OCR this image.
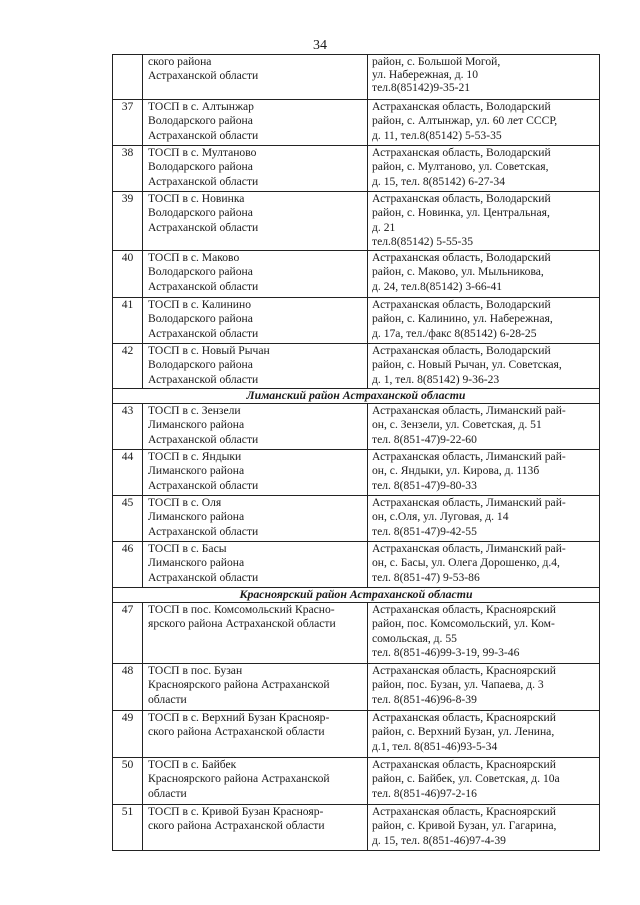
34

	ского района
Астраханской области	район, с. Большой Могой,
ул. Набережная, д. 10
тел.8(85142)9-35-21

37	ТОСП в с. Алтынжар
Володарского района
Астраханской области	Астраханская область, Володарский
район, с. Алтынжар, ул. 60 лет СССР,
д. 11, тел.8(85142) 5-53-35

38	ТОСП в с. Мултаново
Володарского района
Астраханской области	Астраханская область, Володарский
район, с. Мултаново, ул. Советская,
д. 15, тел. 8(85142) 6-27-34

39	ТОСП в с. Новинка
Володарского района
Астраханской области	Астраханская область, Володарский
район, с. Новинка, ул. Центральная,
д. 21
тел.8(85142) 5-55-35

40	ТОСП в с. Маково
Володарского района
Астраханской области	Астраханская область, Володарский
район, с. Маково, ул. Мыльникова,
д. 24, тел.8(85142) 3-66-41

41	ТОСП в с. Калинино
Володарского района
Астраханской области	Астраханская область, Володарский
район, с. Калинино, ул. Набережная,
д. 17а, тел./факс 8(85142) 6-28-25

42	ТОСП в с. Новый Рычан
Володарского района
Астраханской области	Астраханская область, Володарский
район, с. Новый Рычан, ул. Советская,
д. 1, тел. 8(85142) 9-36-23

Лиманский район Астраханской области		
43	ТОСП в с. Зензели
Лиманского района
Астраханской области	Астраханская область, Лиманский рай-
он, с. Зензели, ул. Советская, д. 51
тел. 8(851-47)9-22-60

44	ТОСП в с. Яндыки
Лиманского района
Астраханской области	Астраханская область, Лиманский рай-
он, с. Яндыки, ул. Кирова, д. 113б
тел. 8(851-47)9-80-33

45	ТОСП в с. Оля
Лиманского района
Астраханской области	Астраханская область, Лиманский рай-
он, с.Оля, ул. Луговая, д. 14
тел. 8(851-47)9-42-55

46	ТОСП в с. Басы
Лиманского района
Астраханской области	Астраханская область, Лиманский рай-
он, с. Басы, ул. Олега Дорошенко, д.4,
тел. 8(851-47) 9-53-86

Красноярский район Астраханской области		
47	ТОСП в пос. Комсомольский Красно-
ярского района Астраханской области	Астраханская область, Красноярский
район, пос. Комсомольский, ул. Ком-
сомольская, д. 55
тел. 8(851-46)99-3-19, 99-3-46

48	ТОСП в пос. Бузан
Красноярского района Астраханской
области	Астраханская область, Красноярский
район, пос. Бузан, ул. Чапаева, д. 3
тел. 8(851-46)96-8-39

49	ТОСП в с. Верхний Бузан Краснояр-
ского района Астраханской области	Астраханская область, Красноярский
район, с. Верхний Бузан, ул. Ленина,
д.1, тел. 8(851-46)93-5-34

50	ТОСП в с. Байбек
Красноярского района Астраханской
области	Астраханская область, Красноярский
район, с. Байбек, ул. Советская, д. 10а
тел. 8(851-46)97-2-16

51	ТОСП в с. Кривой Бузан Краснояр-
ского района Астраханской области	Астраханская область, Красноярский
район, с. Кривой Бузан, ул. Гагарина,
д. 15, тел. 8(851-46)97-4-39
